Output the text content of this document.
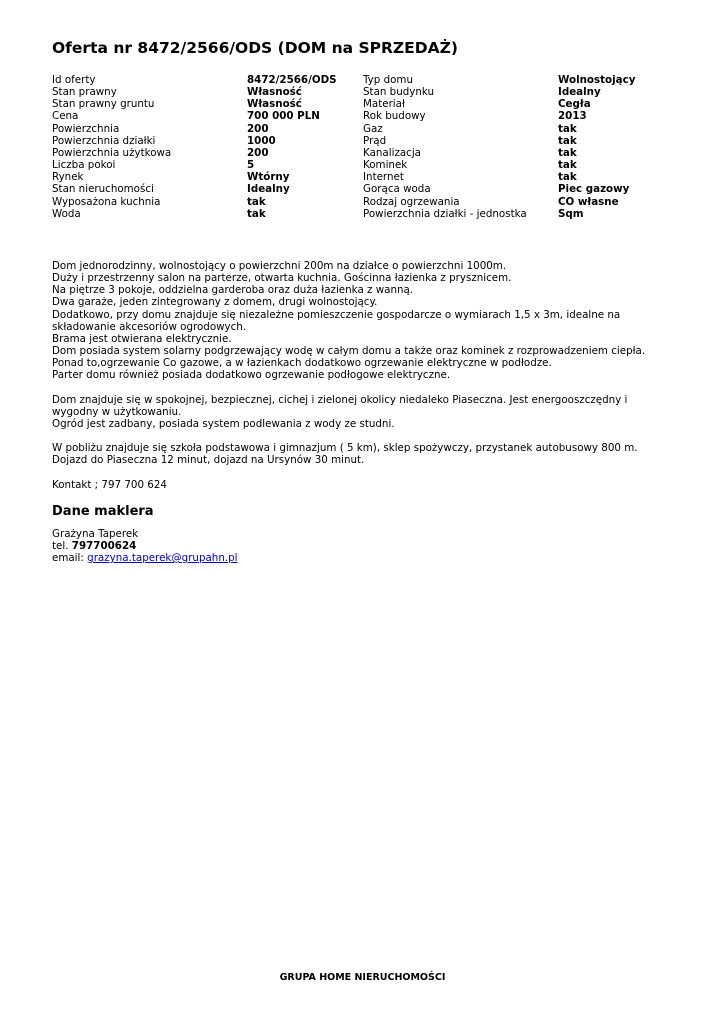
Oferta nr 8472/2566/ODS (DOM na SPRZEDAŻ)
Id oferty	8472/2566/ODS	Typ domu	Wolnostojący
Stan prawny	Własność	Stan budynku	Idealny
Stan prawny gruntu	Własność	Materiał	Cegła
Cena	700 000 PLN	Rok budowy	2013
Powierzchnia	200	Gaz	tak
Powierzchnia działki	1000	Prąd	tak
Powierzchnia użytkowa	200	Kanalizacja	tak
Liczba pokoi	5	Kominek	tak
Rynek	Wtórny	Internet	tak
Stan nieruchomości	Idealny	Gorąca woda	Piec gazowy
Wyposażona kuchnia	tak	Rodzaj ogrzewania	CO własne
Woda	tak	Powierzchnia działki - jednostka	Sqm

Dom jednorodzinny, wolnostojący o powierzchni 200m na działce o powierzchni 1000m.

Duży i przestrzenny salon na parterze, otwarta kuchnia. Gościnna łazienka z prysznicem.

Na piętrze 3 pokoje, oddzielna garderoba oraz duża łazienka z wanną.

Dwa garaże, jeden zintegrowany z domem, drugi wolnostojący.

Dodatkowo, przy domu znajduje się niezależne pomieszczenie gospodarcze o wymiarach 1,5 x 3m, idealne na składowanie akcesoriów ogrodowych.

Brama jest otwierana elektrycznie.

Dom posiada system solarny podgrzewający wodę w całym domu a także oraz kominek z rozprowadzeniem ciepła.

Ponad to,ogrzewanie Co gazowe, a w łazienkach dodatkowo ogrzewanie elektryczne w podłodze.

Parter domu również posiada dodatkowo ogrzewanie podłogowe elektryczne.

Dom znajduje się w spokojnej, bezpiecznej, cichej i zielonej okolicy niedaleko Piaseczna. Jest energooszczędny i wygodny w użytkowaniu.

Ogród jest zadbany, posiada system podlewania z wody ze studni.

W pobliżu znajduje się szkoła podstawowa i gimnazjum ( 5 km), sklep spożywczy, przystanek autobusowy 800 m.

Dojazd do Piaseczna 12 minut, dojazd na Ursynów 30 minut.

Kontakt ; 797 700 624

Dane maklera
Grażyna Taperek
tel. 797700624
email: grazyna.taperek@grupahn.pl
GRUPA HOME NIERUCHOMOŚCI
